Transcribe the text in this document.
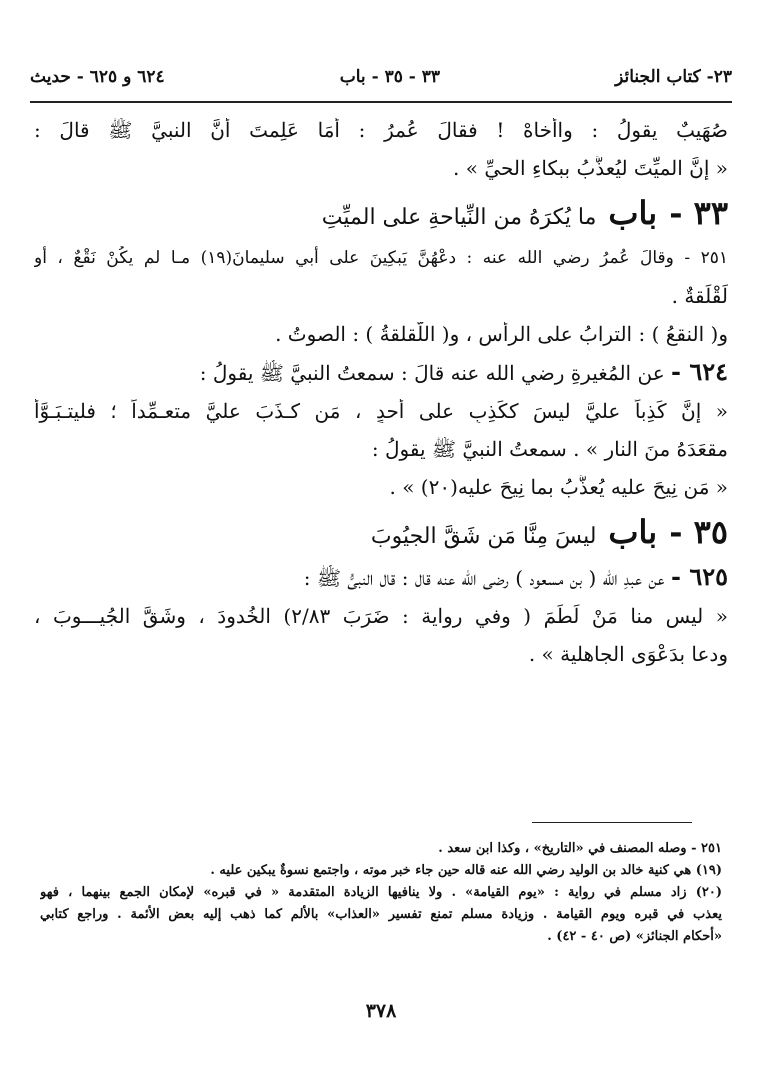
٢٣- كتاب الجنائز
٣٣ - ٣٥ - باب
٦٢٤ و ٦٢٥ - حديث
صُهَيبٌ يقولُ : واأخاهْ ! فقالَ عُمرُ : أمَا عَلِمتَ أنَّ النبيَّ ﷺ قالَ :
« إنَّ الميِّتَ ليُعذَّبُ ببكاءِ الحيِّ » .
٣٣ -
باب
ما يُكرَهُ من النِّياحةِ على الميِّتِ
٢٥١ - وقالَ عُمرُ رضي الله عنه : دعْهُنَّ يَبكِينَ على أبي سليمانَ(١٩) مـا لم يكُنْ نَقْعٌ ، أو
لَقْلَقةٌ .
و( النقعُ ) : الترابُ على الرأسِ ، و( اللَّقلقةُ ) : الصوتُ .
٦٢٤ - عن المُغيرةِ رضي الله عنه قالَ : سمعتُ النبيَّ ﷺ يقولُ :
« إنَّ كَذِباً عليَّ ليسَ ككَذِبٍ على أحدٍ ، مَن كـذَبَ عليَّ متعـمِّداً ؛ فليتـبَـوَّأْ
مقعَدَهُ منَ النارِ » . سمعتُ النبيَّ ﷺ يقولُ :
« مَن نِيحَ عليه يُعذَّبُ بما نِيحَ عليه(٢٠) » .
٣٥ -
باب
ليسَ مِنَّا مَن شَقَّ الجيُوبَ
٦٢٥ - عن عبدِ الله ( بن مسعود ) رضي الله عنه قال : قال النبيُّ ﷺ :
« ليس منا مَنْ لَطَمَ ( وفي رواية : ضَرَبَ ٢/٨٣) الخُدودَ ، وشَقَّ الجُيـــوبَ ،
ودعا بدَعْوَى الجاهلية » .
٢٥١ - وصله المصنف في «التاريخ» ، وكذا ابن سعد .
(١٩) هي كنية خالد بن الوليد رضي الله عنه قاله حين جاء خبر موته ، واجتمع نسوةٌ يبكين عليه .
(٢٠) زاد مسلم في رواية : «يوم القيامة» . ولا ينافيها الزيادة المتقدمة « في قبره» لإمكان الجمع بينهما ، فهو
يعذب في قبره ويوم القيامة . وزيادة مسلم تمنع تفسير «العذاب» بالألم كما ذهب إليه بعض الأئمة . وراجع كتابي
«أحكام الجنائز» (ص ٤٠ - ٤٢) .
٣٧٨
